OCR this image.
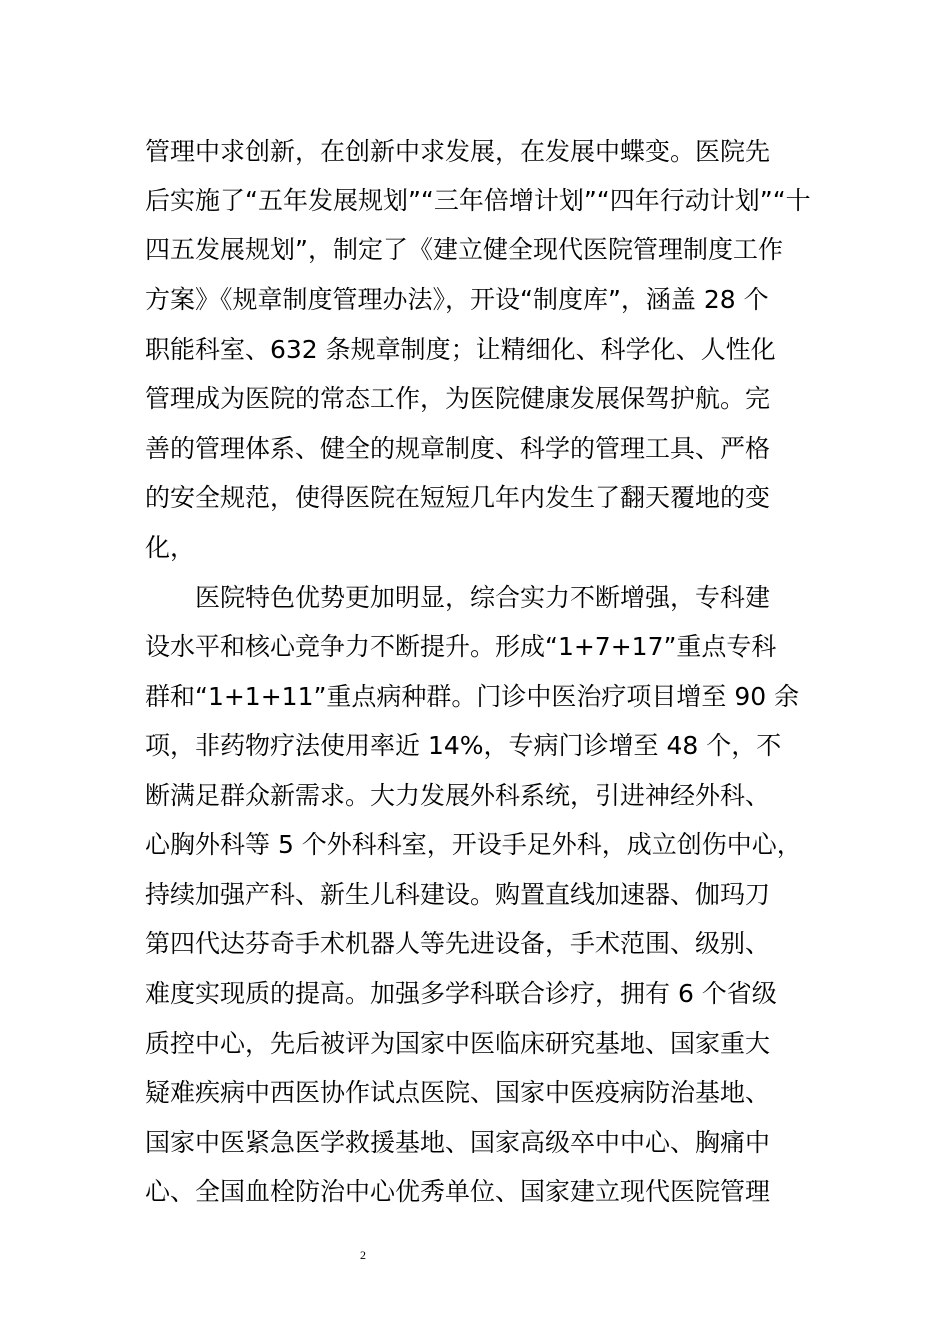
管理中求创新，在创新中求发展，在发展中蝶变。医院先
后实施了“五年发展规划”“三年倍增计划”“四年行动计划”“十
四五发展规划”，制定了《建立健全现代医院管理制度工作
方案》《规章制度管理办法》，开设“制度库”，涵盖 28 个
职能科室、632 条规章制度；让精细化、科学化、人性化
管理成为医院的常态工作，为医院健康发展保驾护航。完
善的管理体系、健全的规章制度、科学的管理工具、严格
的安全规范，使得医院在短短几年内发生了翻天覆地的变
化，
医院特色优势更加明显，综合实力不断增强，专科建
设水平和核心竞争力不断提升。形成“1+7+17”重点专科
群和“1+1+11”重点病种群。门诊中医治疗项目增至 90 余
项，非药物疗法使用率近 14%，专病门诊增至 48 个，不
断满足群众新需求。大力发展外科系统，引进神经外科、
心胸外科等 5 个外科科室，开设手足外科，成立创伤中心，
持续加强产科、新生儿科建设。购置直线加速器、伽玛刀
第四代达芬奇手术机器人等先进设备，手术范围、级别、
难度实现质的提高。加强多学科联合诊疗，拥有 6 个省级
质控中心，先后被评为国家中医临床研究基地、国家重大
疑难疾病中西医协作试点医院、国家中医疫病防治基地、
国家中医紧急医学救援基地、国家高级卒中中心、胸痛中
心、全国血栓防治中心优秀单位、国家建立现代医院管理
2
